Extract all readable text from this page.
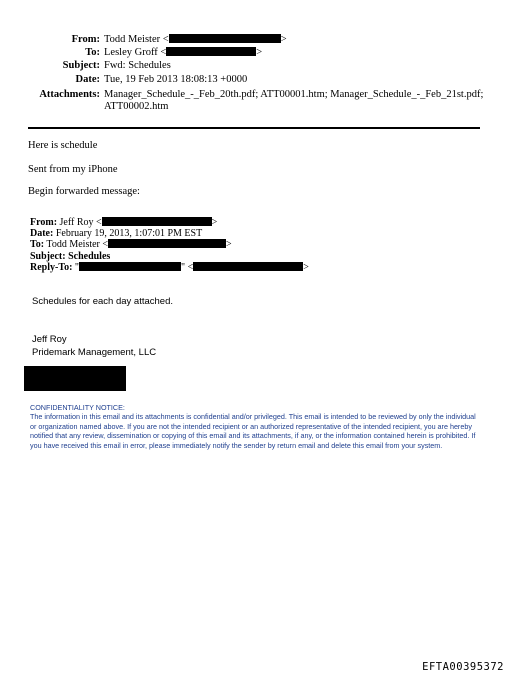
From: Todd Meister <	>
To: Lesley Groff <	>
Subject: Fwd: Schedules
Date: Tue, 19 Feb 2013 18:08:13 +0000
Attachments: Manager_Schedule_-_Feb_20th.pdf; ATT00001.htm; Manager_Schedule_-_Feb_21st.pdf; ATT00002.htm
Here is schedule
Sent from my iPhone
Begin forwarded message:
From: Jeff Roy <	>
Date: February 19, 2013, 1:07:01 PM EST
To: Todd Meister <	>
Subject: Schedules
Reply-To: "	" <	>
Schedules for each day attached.
Jeff Roy
Pridemark Management, LLC
CONFIDENTIALITY NOTICE:
The information in this email and its attachments is confidential and/or privileged. This email is intended to be reviewed by only the individual or organization named above. If you are not the intended recipient or an authorized representative of the intended recipient, you are hereby notified that any review, dissemination or copying of this email and its attachments, if any, or the information contained herein is prohibited. If you have received this email in error, please immediately notify the sender by return email and delete this email from your system.
EFTA00395372
